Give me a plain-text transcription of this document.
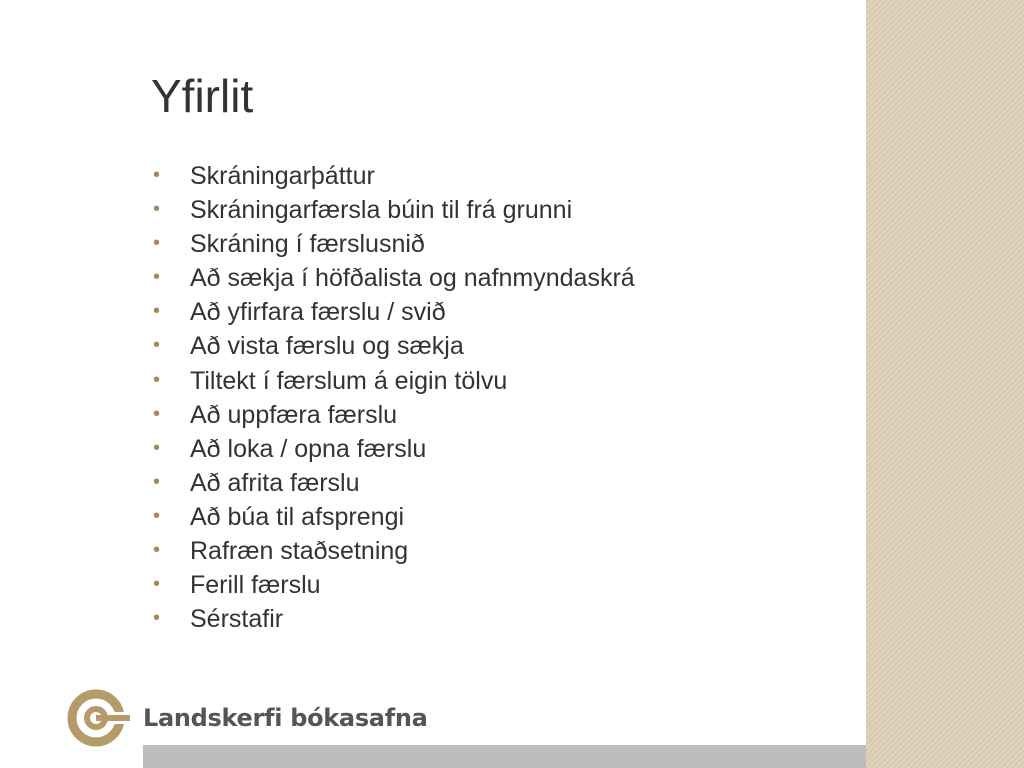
Yfirlit
• Skráningarþáttur
• Skráningarfærsla búin til frá grunni
• Skráning í færslusnið
• Að sækja í höfðalista og nafnmyndaskrá
• Að yfirfara færslu / svið
• Að vista færslu og sækja
• Tiltekt í færslum á eigin tölvu
• Að uppfæra færslu
• Að loka / opna færslu
• Að afrita færslu
• Að búa til afsprengi
• Rafræn staðsetning
• Ferill færslu
• Sérstafir
Landskerfi bókasafna
